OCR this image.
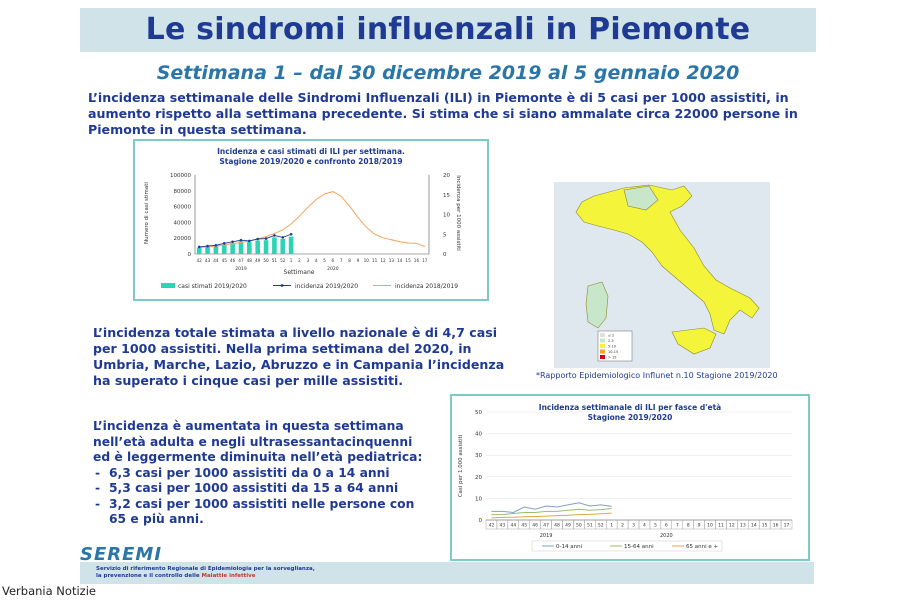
Le sindromi influenzali in Piemonte
Settimana 1 – dal 30 dicembre 2019 al 5 gennaio 2020
L’incidenza settimanale delle Sindromi Influenzali (ILI) in Piemonte è di 5 casi per 1000 assistiti, in aumento rispetto alla settimana precedente. Si stima che si siano ammalate circa 22000 persone in Piemonte in questa settimana.
Incidenza e casi stimati di ILI per settimana.
Stagione 2019/2020 e confronto 2018/2019
Numero di casi stimati	Incidenza per 1000 assistiti
Settimane
100000
80000
60000
40000
20000
0
20
15
10
5
0
42 43 44 45 46 47 48 49 50 51 52 1 2 3 4 5 6 7 8 9 10 11 12 13 14 15 16 17
2019	2020
casi stimati 2019/2020	incidenza 2019/2020	incidenza 2018/2019
≤ 2
2-5
5-10
10-15
> 15
*Rapporto Epidemiologico Influnet n.10 Stagione 2019/2020
L’incidenza totale stimata a livello nazionale è di 4,7 casi per 1000 assistiti. Nella prima settimana del 2020, in Umbria, Marche, Lazio, Abruzzo e in Campania l’incidenza ha superato i cinque casi per mille assistiti.
L’incidenza è aumentata in questa settimana nell’età adulta e negli ultrasessantacinquenni ed è leggermente diminuita nell’età pediatrica:
- 6,3 casi per 1000 assistiti da 0 a 14 anni
- 5,3 casi per 1000 assistiti da 15 a 64 anni
- 3,2 casi per 1000 assistiti nelle persone con 65 e più anni.
Incidenza settimanale di ILI per fasce d'età
Stagione 2019/2020
Casi per 1.000 assistiti
50
40
30
20
10
0
42 43 44 45 46 47 48 49 50 51 52 1 2 3 4 5 6 7 8 9 10 11 12 13 14 15 16 17
2019	2020
0-14 anni	15-64 anni	65 anni e +
SEREMI
Servizio di riferimento Regionale di Epidemiologia per la sorveglianza,
la prevenzione e il controllo delle Malattie infettive
Verbania Notizie
